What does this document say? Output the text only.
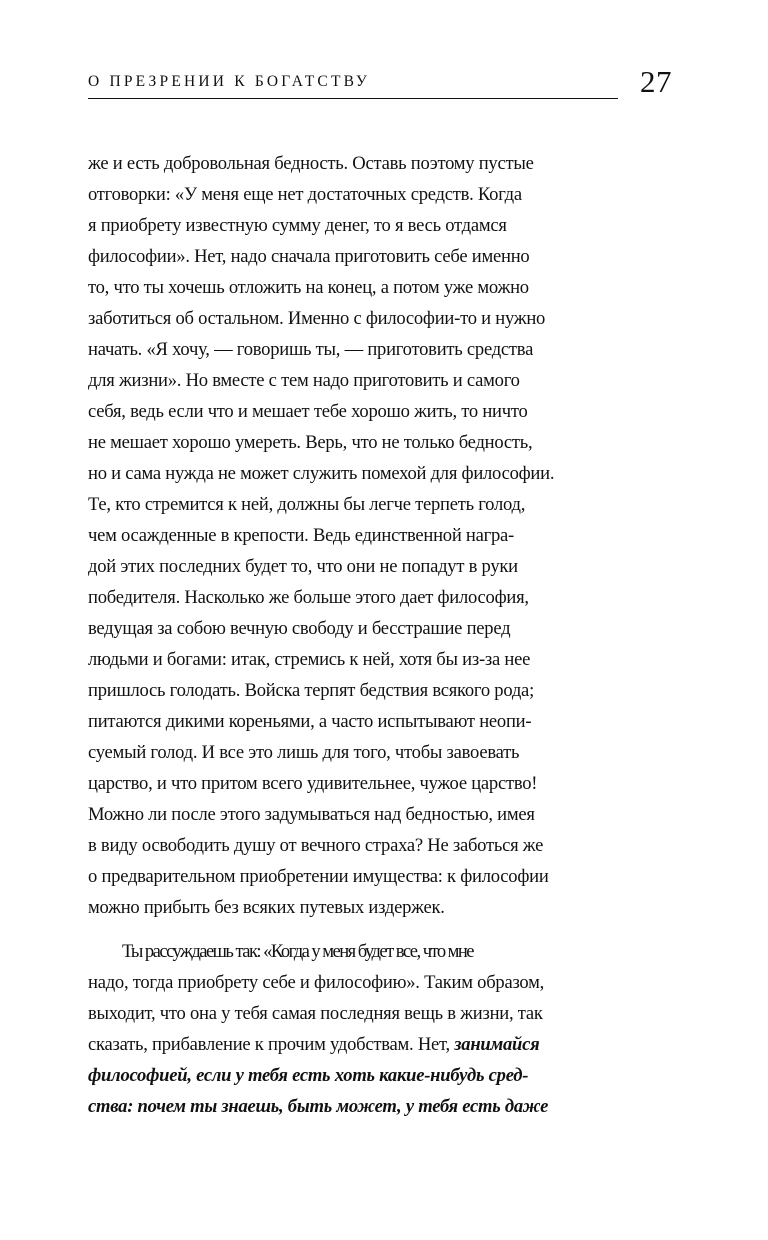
О ПРЕЗРЕНИИ К БОГАТСТВУ	27
же и есть добровольная бедность. Оставь поэтому пустые
отговорки: «У меня еще нет достаточных средств. Когда
я приобрету известную сумму денег, то я весь отдамся
философии». Нет, надо сначала приготовить себе именно
то, что ты хочешь отложить на конец, а потом уже можно
заботиться об остальном. Именно с философии-то и нужно
начать. «Я хочу, — говоришь ты, — приготовить средства
для жизни». Но вместе с тем надо приготовить и самого
себя, ведь если что и мешает тебе хорошо жить, то ничто
не мешает хорошо умереть. Верь, что не только бедность,
но и сама нужда не может служить помехой для философии.
Те, кто стремится к ней, должны бы легче терпеть голод,
чем осажденные в крепости. Ведь единственной награ-
дой этих последних будет то, что они не попадут в руки
победителя. Насколько же больше этого дает философия,
ведущая за собою вечную свободу и бесстрашие перед
людьми и богами: итак, стремись к ней, хотя бы из-за нее
пришлось голодать. Войска терпят бедствия всякого рода;
питаются дикими кореньями, а часто испытывают неопи-
суемый голод. И все это лишь для того, чтобы завоевать
царство, и что притом всего удивительнее, чужое царство!
Можно ли после этого задумываться над бедностью, имея
в виду освободить душу от вечного страха? Не заботься же
о предварительном приобретении имущества: к философии
можно прибыть без всяких путевых издержек.
Ты рассуждаешь так: «Когда у меня будет все, что мне
надо, тогда приобрету себе и философию». Таким образом,
выходит, что она у тебя самая последняя вещь в жизни, так
сказать, прибавление к прочим удобствам. Нет, занимайся
философией, если у тебя есть хоть какие-нибудь сред-
ства: почем ты знаешь, быть может, у тебя есть даже
